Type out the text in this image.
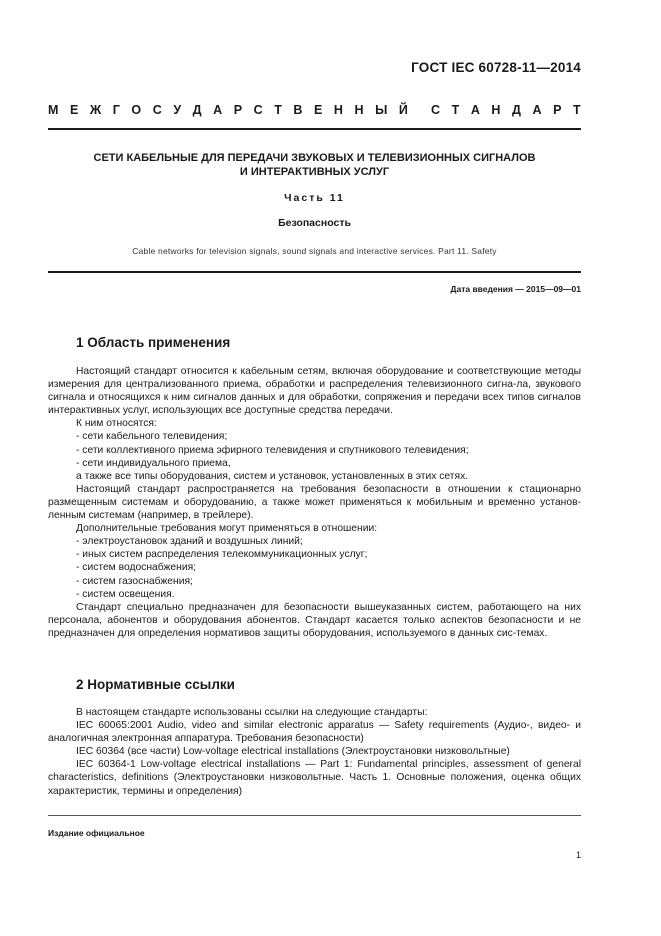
ГОСТ IEC 60728-11—2014
М Е Ж Г О С У Д А Р С Т В Е Н Н Ы Й С Т А Н Д А Р Т
СЕТИ КАБЕЛЬНЫЕ ДЛЯ ПЕРЕДАЧИ ЗВУКОВЫХ И ТЕЛЕВИЗИОННЫХ СИГНАЛОВ
И ИНТЕРАКТИВНЫХ УСЛУГ
Часть 11
Безопасность
Cable networks for television signals, sound signals and interactive services. Part 11. Safety
Дата введения — 2015—09—01
1 Область применения

Настоящий стандарт относится к кабельным сетям, включая оборудование и соответствующие методы измерения для централизованного приема, обработки и распределения телевизионного сигна-ла, звукового сигнала и относящихся к ним сигналов данных и для обработки, сопряжения и передачи всех типов сигналов интерактивных услуг, использующих все доступные средства передачи.

К ним относятся:

- сети кабельного телевидения;

- сети коллективного приема эфирного телевидения и спутникового телевидения;

- сети индивидуального приема,

а также все типы оборудования, систем и установок, установленных в этих сетях.

Настоящий стандарт распространяется на требования безопасности в отношении к стационарно размещенным системам и оборудованию, а также может применяться к мобильным и временно установ-ленным системам (например, в трейлере).

Дополнительные требования могут применяться в отношении:

- электроустановок зданий и воздушных линий;

- иных систем распределения телекоммуникационных услуг;

- систем водоснабжения;

- систем газоснабжения;

- систем освещения.

Стандарт специально предназначен для безопасности вышеуказанных систем, работающего на них персонала, абонентов и оборудования абонентов. Стандарт касается только аспектов безопасности и не предназначен для определения нормативов защиты оборудования, используемого в данных сис-темах.

2 Нормативные ссылки

В настоящем стандарте использованы ссылки на следующие стандарты:

IEC 60065:2001 Audio, video and similar electronic apparatus — Safety requirements (Аудио-, видео- и аналогичная электронная аппаратура. Требования безопасности)

IEC 60364 (все части) Low-voltage electrical installations (Электроустановки низковольтные)

IEC 60364-1 Low-voltage electrical installations — Part 1: Fundamental principles, assessment of general characteristics, definitions (Электроустановки низковольтные. Часть 1. Основные положения, оценка общих характеристик, термины и определения)

Издание официальное
1
